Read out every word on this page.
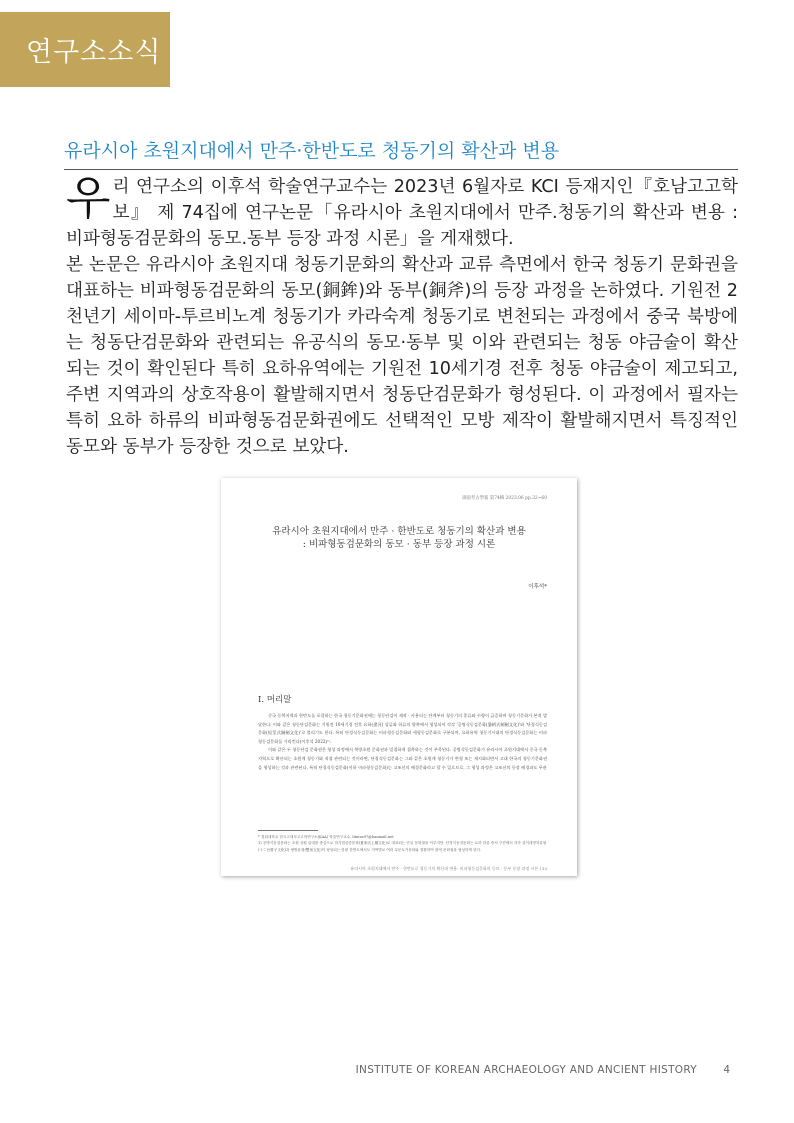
연구소소식
유라시아 초원지대에서 만주·한반도로 청동기의 확산과 변용

우리 연구소의 이후석 학술연구교수는 2023년 6월자로 KCI 등재지인『호남고고학보』 제 74집에 연구논문「유라시아 초원지대에서 만주.청동기의 확산과 변용 : 비파형동검문화의 동모.동부 등장 과정 시론」을 게재했다.

본 논문은 유라시아 초원지대 청동기문화의 확산과 교류 측면에서 한국 청동기 문화권을 대표하는 비파형동검문화의 동모(銅鉾)와 동부(銅斧)의 등장 과정을 논하였다. 기원전 2천년기 세이마-투르비노계 청동기가 카라숙계 청동기로 변천되는 과정에서 중국 북방에는 청동단검문화와 관련되는 유공식의 동모·동부 및 이와 관련되는 청동 야금술이 확산되는 것이 확인된다 특히 요하유역에는 기원전 10세기경 전후 청동 야금술이 제고되고, 주변 지역과의 상호작용이 활발해지면서 청동단검문화가 형성된다. 이 과정에서 필자는 특히 요하 하류의 비파형동검문화권에도 선택적인 모방 제작이 활발해지면서 특징적인 동모와 동부가 등장한 것으로 보았다.

湖南考古學報 第74輯 2023.06 pp.32~60
유라시아 초원지대에서 만주 · 한반도로 청동기의 확산과 변용
: 비파형동검문화의 동모 · 동부 등장 과정 시론
이후석*
Ⅰ. 머리말

중국 동북지역과 한반도를 포괄하는 한국 청동기문화권에는 청동단검이 제작 · 사용되는 단계부터 청동기의 종류와 수량이 급증하며 청동기문화가 본격 발달한다. 이와 같은 청동단검문화는 기원전 10세기경 전후 요하(遼河) 상류와 하류의 양쪽에서 형성되어 각각 '공병식동검문화(銎柄式劍劍文化)'와 '단경식동검문화(短莖式銅劍文化)'로 불리기도 한다. 특히 단경식동검문화는 비파형동검문화와 세형동검문화로 구분되며, 요하유역 청동기시대의 단경식동검문화는 비파형동검문화를 가리킨다(이후석 2022)¹⁾.

이와 같은 두 청동단검 문화권은 형성 과정에서 북방초원 문화권과 밀접하게 접촉하는 것이 주목된다. 공병식동검문화가 유라시아 초원지대에서 중국 동북지역으로 확산되는 초원계 청동기와 직접 관련되는 것이라면, 단경식동검문화는 그와 같은 초원계 청동기가 변형 또는 재지화되면서 고대 한국의 청동기문화권을 형성하는 것과 관련된다. 특히 단경식동검문화(이하 비파형동검문화)는 고조선의 배경문화라고 할 수 있으므로, 그 형성 과정은 고조선의 등장 배경과도 무관

* 경희대학교 한국고대사고고학연구소(KAA) 학술연구교수, litmus97@hanmail.net

1) 공병식동검문화는 초원 상원 일대를 중심으로 하가점상층문화(夏家店上層文化)로 대표되는 단일 문화권을 이루지만, 단경식동검문화는 요하 하류 중서 구간에서 각각 십이대영자유형(十二台營子文化)과 쌍방유형(雙房文化)이 형성되는 한편 한반도에서도 지역별로 여러 무문토기문화와 결합하여 광역 문화권을 형성하게 된다.

유라시아 초원지대에서 만주 · 한반도로 청동기의 확산과 변용: 비파형동검문화의 동모 · 동부 등장 과정 시론 ∣ 33
INSTITUTE OF KOREAN ARCHAEOLOGY AND ANCIENT HISTORY	4
